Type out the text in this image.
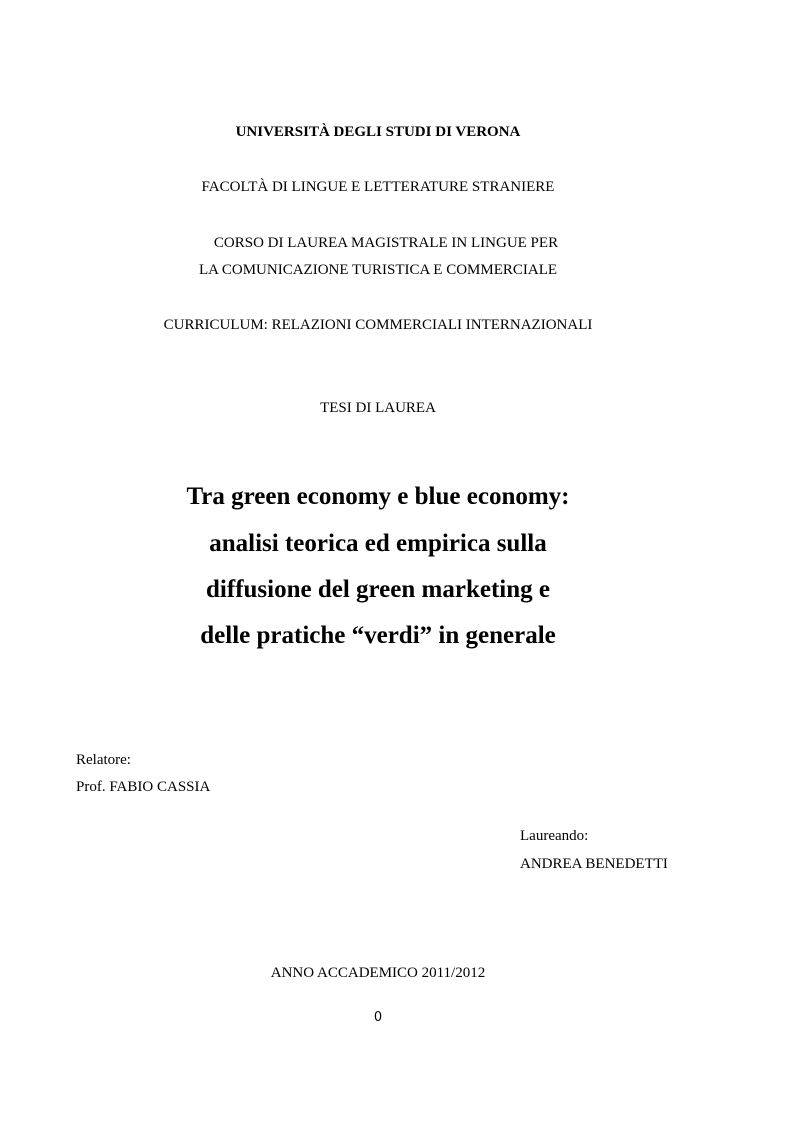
UNIVERSITÀ DEGLI STUDI DI VERONA
FACOLTÀ DI LINGUE E LETTERATURE STRANIERE
CORSO DI LAUREA MAGISTRALE IN LINGUE PER
LA COMUNICAZIONE TURISTICA E COMMERCIALE
CURRICULUM: RELAZIONI COMMERCIALI INTERNAZIONALI
TESI DI LAUREA
Tra green economy e blue economy:
analisi teorica ed empirica sulla
diffusione del green marketing e
delle pratiche “verdi” in generale
Relatore:
Prof. FABIO CASSIA
Laureando:
ANDREA BENEDETTI
ANNO ACCADEMICO 2011/2012
0
